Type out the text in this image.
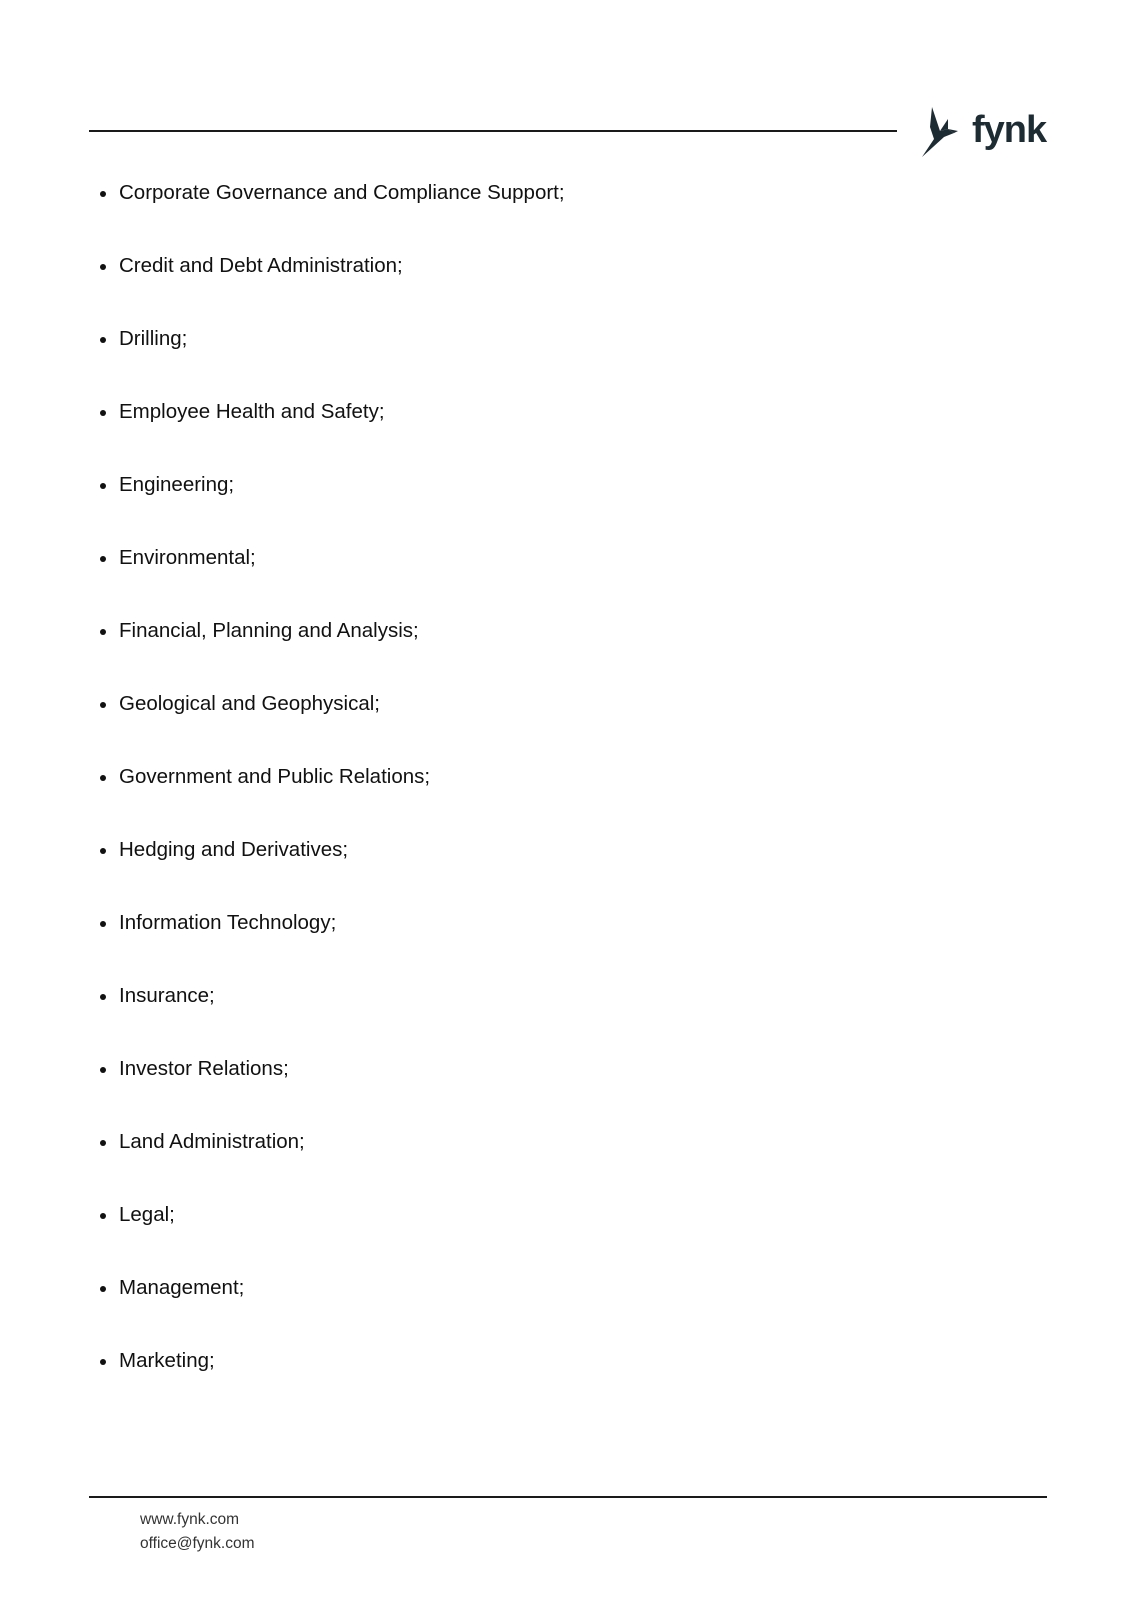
fynk
Corporate Governance and Compliance Support;
Credit and Debt Administration;
Drilling;
Employee Health and Safety;
Engineering;
Environmental;
Financial, Planning and Analysis;
Geological and Geophysical;
Government and Public Relations;
Hedging and Derivatives;
Information Technology;
Insurance;
Investor Relations;
Land Administration;
Legal;
Management;
Marketing;
www.fynk.com
office@fynk.com
